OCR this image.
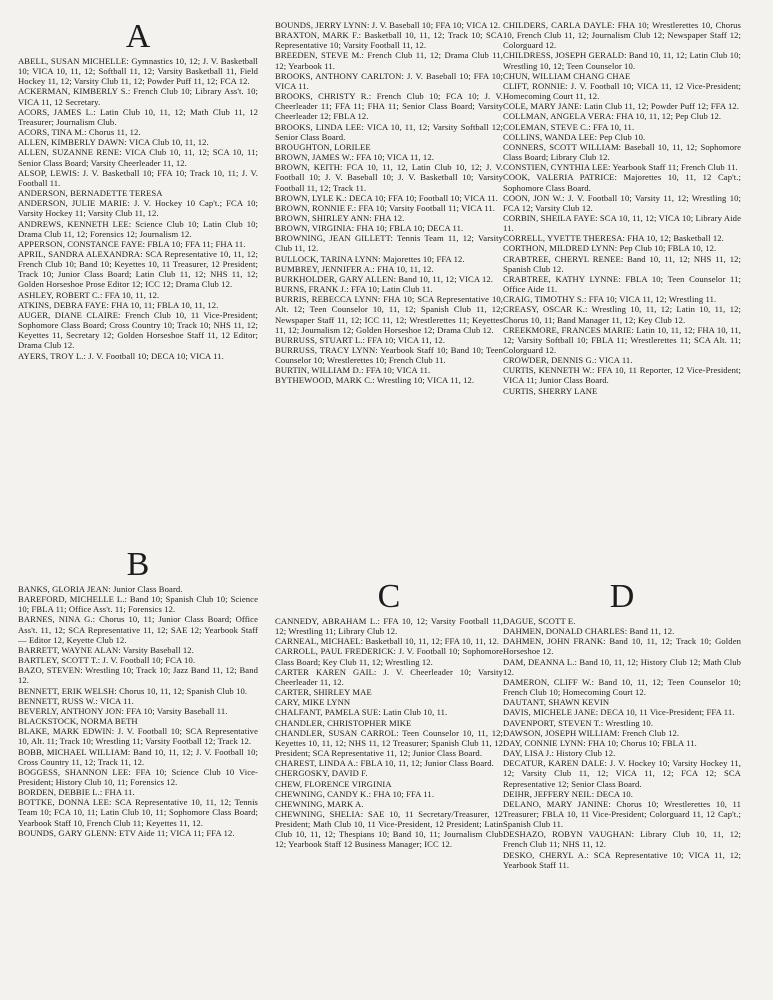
A
ABELL, SUSAN MICHELLE: Gymnastics 10, 12; J. V. Basketball 10; VICA 10, 11, 12; Softball 11, 12; Varsity Basketball 11, Field Hockey 11, 12; Varsity Club 11, 12; Powder Puff 11, 12; FCA 12.
ACKERMAN, KIMBERLY S.: French Club 10; Library Ass't. 10; VICA 11, 12 Secretary.
ACORS, JAMES L.: Latin Club 10, 11, 12; Math Club 11, 12 Treasurer; Journalism Club.
ACORS, TINA M.: Chorus 11, 12.
ALLEN, KIMBERLY DAWN: VICA Club 10, 11, 12.
ALLEN, SUZANNE RENE: VICA Club 10, 11, 12; SCA 10, 11; Senior Class Board; Varsity Cheerleader 11, 12.
ALSOP, LEWIS: J. V. Basketball 10; FFA 10; Track 10, 11; J. V. Football 11.
ANDERSON, BERNADETTE TERESA
ANDERSON, JULIE MARIE: J. V. Hockey 10 Cap't.; FCA 10; Varsity Hockey 11; Varsity Club 11, 12.
ANDREWS, KENNETH LEE: Science Club 10; Latin Club 10; Drama Club 11, 12; Forensics 12; Journalism 12.
APPERSON, CONSTANCE FAYE: FBLA 10; FFA 11; FHA 11.
APRIL, SANDRA ALEXANDRA: SCA Representative 10, 11, 12; French Club 10; Band 10; Keyettes 10, 11 Treasurer, 12 President; Track 10; Junior Class Board; Latin Club 11, 12; NHS 11, 12; Golden Horseshoe Prose Editor 12; ICC 12; Drama Club 12.
ASHLEY, ROBERT C.: FFA 10, 11, 12.
ATKINS, DEBRA FAYE: FHA 10, 11; FBLA 10, 11, 12.
AUGER, DIANE CLAIRE: French Club 10, 11 Vice-President; Sophomore Class Board; Cross Country 10; Track 10; NHS 11, 12; Keyettes 11, Secretary 12; Golden Horseshoe Staff 11, 12 Editor; Drama Club 12.
AYERS, TROY L.: J. V. Football 10; DECA 10; VICA 11.
B
BANKS, GLORIA JEAN: Junior Class Board.
BAREFORD, MICHELLE L.: Band 10; Spanish Club 10; Science 10; FBLA 11; Office Ass't. 11; Forensics 12.
BARNES, NINA G.: Chorus 10, 11; Junior Class Board; Office Ass't. 11, 12; SCA Representative 11, 12; SAE 12; Yearbook Staff — Editor 12, Keyette Club 12.
BARRETT, WAYNE ALAN: Varsity Baseball 12.
BARTLEY, SCOTT T.: J. V. Football 10; FCA 10.
BAZO, STEVEN: Wrestling 10; Track 10; Jazz Band 11, 12; Band 12.
BENNETT, ERIK WELSH: Chorus 10, 11, 12; Spanish Club 10.
BENNETT, RUSS W.: VICA 11.
BEVERLY, ANTHONY JON: FFA 10; Varsity Baseball 11.
BLACKSTOCK, NORMA BETH
BLAKE, MARK EDWIN: J. V. Football 10; SCA Representative 10, Alt. 11; Track 10; Wrestling 11; Varsity Football 12; Track 12.
BOBB, MICHAEL WILLIAM: Band 10, 11, 12; J. V. Football 10; Cross Country 11, 12; Track 11, 12.
BOGGESS, SHANNON LEE: FFA 10; Science Club 10 Vice-President; History Club 10, 11; Forensics 12.
BORDEN, DEBBIE L.: FHA 11.
BOTTKE, DONNA LEE: SCA Representative 10, 11, 12; Tennis Team 10; FCA 10, 11; Latin Club 10, 11; Sophomore Class Board; Yearbook Staff 10, French Club 11; Keyettes 11, 12.
BOUNDS, GARY GLENN: ETV Aide 11; VICA 11; FFA 12.
BOUNDS, JERRY LYNN: J. V. Baseball 10; FFA 10; VICA 12.
BRAXTON, MARK F.: Basketball 10, 11, 12; Track 10; SCA Representative 10; Varsity Football 11, 12.
BREEDEN, STEVE M.: French Club 11, 12; Drama Club 11, 12; Yearbook 11.
BROOKS, ANTHONY CARLTON: J. V. Baseball 10; FFA 10; VICA 11.
BROOKS, CHRISTY R.: French Club 10; FCA 10; J. V. Cheerleader 11; FFA 11; FHA 11; Senior Class Board; Varsity Cheerleader 12; FBLA 12.
BROOKS, LINDA LEE: VICA 10, 11, 12; Varsity Softball 12; Senior Class Board.
BROUGHTON, LORILEE
BROWN, JAMES W.: FFA 10; VICA 11, 12.
BROWN, KEITH: FCA 10, 11, 12, Latin Club 10, 12; J. V. Football 10; J. V. Baseball 10; J. V. Basketball 10; Varsity Football 11, 12; Track 11.
BROWN, LYLE K.: DECA 10; FFA 10; Football 10; VICA 11.
BROWN, RONNIE F.: FFA 10; Varsity Football 11; VICA 11.
BROWN, SHIRLEY ANN: FHA 12.
BROWN, VIRGINIA: FHA 10; FBLA 10; DECA 11.
BROWNING, JEAN GILLETT: Tennis Team 11, 12; Varsity Club 11, 12.
BULLOCK, TARINA LYNN: Majorettes 10; FFA 12.
BUMBREY, JENNIFER A.: FHA 10, 11, 12.
BURKHOLDER, GARY ALLEN: Band 10, 11, 12; VICA 12.
BURNS, FRANK J.: FFA 10; Latin Club 11.
BURRIS, REBECCA LYNN: FHA 10; SCA Representative 10, Alt. 12; Teen Counselor 10, 11, 12; Spanish Club 11, 12; Newspaper Staff 11, 12; ICC 11, 12; Wrestlerettes 11; Keyettes 11, 12; Journalism 12; Golden Horseshoe 12; Drama Club 12.
BURRUSS, STUART L.: FFA 10; VICA 11, 12.
BURRUSS, TRACY LYNN: Yearbook Staff 10; Band 10; Teen Counselor 10; Wrestlerettes 10; French Club 11.
BURTIN, WILLIAM D.: FFA 10; VICA 11.
BYTHEWOOD, MARK C.: Wrestling 10; VICA 11, 12.
C
CANNEDY, ABRAHAM L.: FFA 10, 12; Varsity Football 11, 12; Wrestling 11; Library Club 12.
CARNEAL, MICHAEL: Basketball 10, 11, 12; FFA 10, 11, 12.
CARROLL, PAUL FREDERICK: J. V. Football 10; Sophomore Class Board; Key Club 11, 12; Wrestling 12.
CARTER KAREN GAIL: J. V. Cheerleader 10; Varsity Cheerleader 11, 12.
CARTER, SHIRLEY MAE
CARY, MIKE LYNN
CHALFANT, PAMELA SUE: Latin Club 10, 11.
CHANDLER, CHRISTOPHER MIKE
CHANDLER, SUSAN CARROL: Teen Counselor 10, 11, 12; Keyettes 10, 11, 12; NHS 11, 12 Treasurer; Spanish Club 11, 12 President; SCA Representative 11, 12; Junior Class Board.
CHAREST, LINDA A.: FBLA 10, 11, 12; Junior Class Board.
CHERGOSKY, DAVID F.
CHEW, FLORENCE VIRGINIA
CHEWNING, CANDY K.: FHA 10; FFA 11.
CHEWNING, MARK A.
CHEWNING, SHELIA: SAE 10, 11 Secretary/Treasurer, 12 President; Math Club 10, 11 Vice-President, 12 President; Latin Club 10, 11, 12; Thespians 10; Band 10, 11; Journalism Club 12; Yearbook Staff 12 Business Manager; ICC 12.
CHILDERS, CARLA DAYLE: FHA 10; Wrestlerettes 10, Chorus 10, French Club 11, 12; Journalism Club 12; Newspaper Staff 12; Colorguard 12.
CHILDRESS, JOSEPH GERALD: Band 10, 11, 12; Latin Club 10; Wrestling 10, 12; Teen Counselor 10.
CHUN, WILLIAM CHANG CHAE
CLIFT, RONNIE: J. V. Football 10; VICA 11, 12 Vice-President; Homecoming Court 11, 12.
COLE, MARY JANE: Latin Club 11, 12; Powder Puff 12; FFA 12.
COLLMAN, ANGELA VERA: FHA 10, 11, 12; Pep Club 12.
COLEMAN, STEVE C.: FFA 10, 11.
COLLINS, WANDA LEE: Pep Club 10.
CONNERS, SCOTT WILLIAM: Baseball 10, 11, 12; Sophomore Class Board; Library Club 12.
CONSTIEN, CYNTHIA LEE: Yearbook Staff 11; French Club 11.
COOK, VALERIA PATRICE: Majorettes 10, 11, 12 Cap't.; Sophomore Class Board.
COON, JON W.: J. V. Football 10; Varsity 11, 12; Wrestling 10; FCA 12; Varsity Club 12.
CORBIN, SHEILA FAYE: SCA 10, 11, 12; VICA 10; Library Aide 11.
CORRELL, YVETTE THERESA: FHA 10, 12; Basketball 12.
CORTHON, MILDRED LYNN: Pep Club 10; FBLA 10, 12.
CRABTREE, CHERYL RENEE: Band 10, 11, 12; NHS 11, 12; Spanish Club 12.
CRABTREE, KATHY LYNNE: FBLA 10; Teen Counselor 11; Office Aide 11.
CRAIG, TIMOTHY S.: FFA 10; VICA 11, 12; Wrestling 11.
CREASY, OSCAR K.: Wrestling 10, 11, 12; Latin 10, 11, 12; Chorus 10, 11; Band Manager 11, 12; Key Club 12.
CREEKMORE, FRANCES MARIE: Latin 10, 11, 12; FHA 10, 11, 12; Varsity Softball 10; FBLA 11; Wrestlerettes 11; SCA Alt. 11; Colorguard 12.
CROWDER, DENNIS G.: VICA 11.
CURTIS, KENNETH W.: FFA 10, 11 Reporter, 12 Vice-President; VICA 11; Junior Class Board.
CURTIS, SHERRY LANE
D
DAGUE, SCOTT E.
DAHMEN, DONALD CHARLES: Band 11, 12.
DAHMEN, JOHN FRANK: Band 10, 11, 12; Track 10; Golden Horseshoe 12.
DAM, DEANNA L.: Band 10, 11, 12; History Club 12; Math Club 12.
DAMERON, CLIFF W.: Band 10, 11, 12; Teen Counselor 10; French Club 10; Homecoming Court 12.
DAUTANT, SHAWN KEVIN
DAVIS, MICHELE JANE: DECA 10, 11 Vice-President; FFA 11.
DAVENPORT, STEVEN T.: Wrestling 10.
DAWSON, JOSEPH WILLIAM: French Club 12.
DAY, CONNIE LYNN: FHA 10; Chorus 10; FBLA 11.
DAY, LISA J.: History Club 12.
DECATUR, KAREN DALE: J. V. Hockey 10; Varsity Hockey 11, 12; Varsity Club 11, 12; VICA 11, 12; FCA 12; SCA Representative 12; Senior Class Board.
DEIHR, JEFFERY NEIL: DECA 10.
DELANO, MARY JANINE: Chorus 10; Wrestlerettes 10, 11 Treasurer; FBLA 10, 11 Vice-President; Colorguard 11, 12 Cap't.; Spanish Club 11.
DESHAZO, ROBYN VAUGHAN: Library Club 10, 11, 12; French Club 11; NHS 11, 12.
DESKO, CHERYL A.: SCA Representative 10; VICA 11, 12; Yearbook Staff 11.
